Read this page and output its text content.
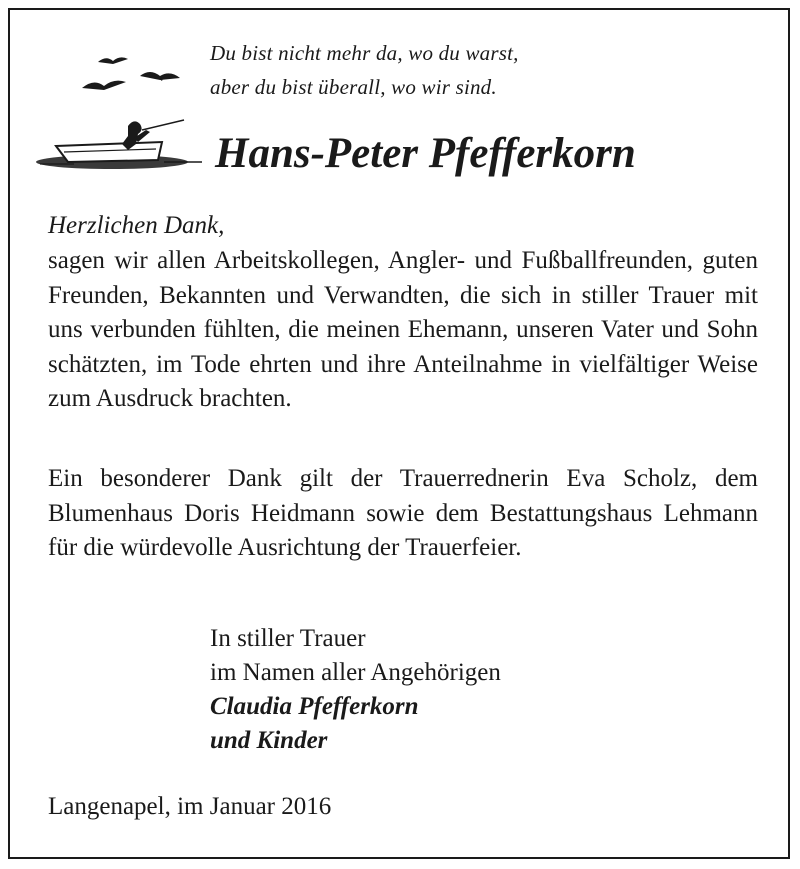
Du bist nicht mehr da, wo du warst,
aber du bist überall, wo wir sind.
Hans-Peter Pfefferkorn
Herzlichen Dank,
sagen wir allen Arbeitskollegen, Angler- und Fußballfreunden, guten Freunden, Bekannten und Verwandten, die sich in stiller Trauer mit uns verbunden fühlten, die meinen Ehemann, unseren Vater und Sohn schätzten, im Tode ehrten und ihre Anteilnahme in vielfältiger Weise zum Ausdruck brachten.
Ein besonderer Dank gilt der Trauerrednerin Eva Scholz, dem Blumenhaus Doris Heidmann sowie dem Bestattungshaus Lehmann für die würdevolle Ausrichtung der Trauerfeier.
In stiller Trauer
im Namen aller Angehörigen
Claudia Pfefferkorn
und Kinder
Langenapel, im Januar 2016
